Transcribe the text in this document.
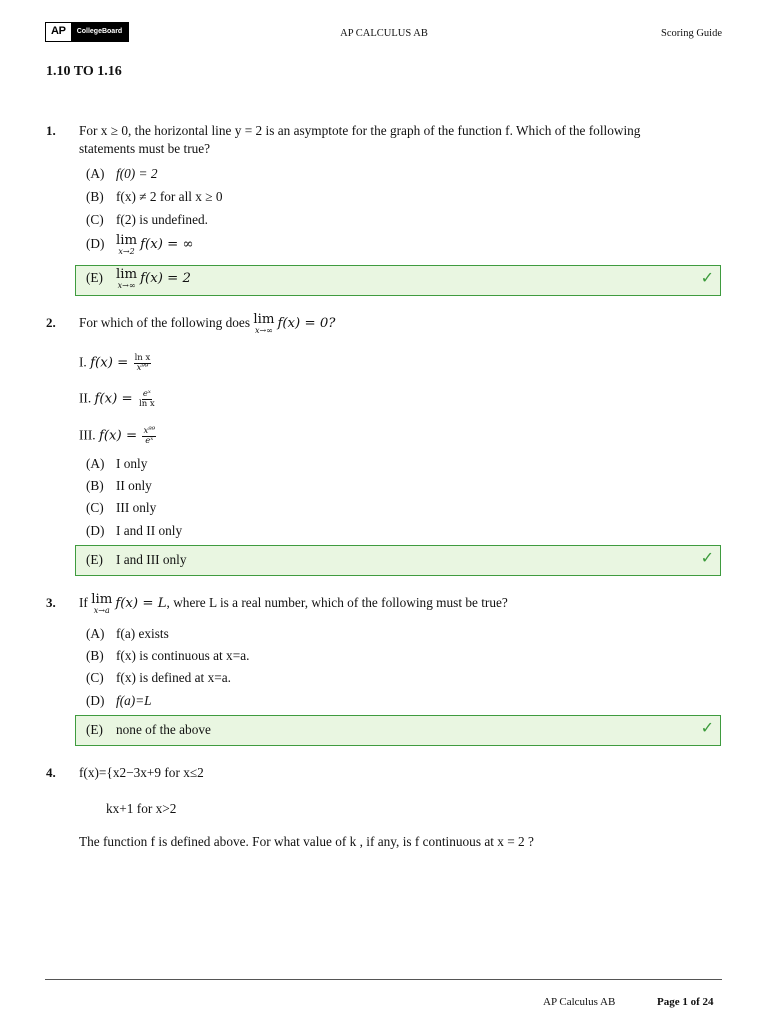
AP	CollegeBoard	AP CALCULUS AB	Scoring Guide
1.10 TO 1.16
1. For x ≥ 0, the horizontal line y = 2 is an asymptote for the graph of the function f. Which of the following
statements must be true?
(A) f(0) = 2
(B) f(x) ≠ 2 for all x ≥ 0
(C) f(2) is undefined.
(D) lim
x→2 f(x) = ∞
(E) lim
x→∞ f(x) = 2	✓
2. For which of the following does lim
x→∞ f(x) = 0?
I. $f(x) = \frac{\text{ln x}}{\text{x⁹⁹}}$
II. $f(x) = \frac{\text{eˣ}}{\text{ln x}}$
III. $f(x) = \frac{\text{x⁹⁹}}{\text{eˣ}}$
(A) I only
(B) II only
(C) III only
(D) I and II only
(E) I and III only	✓
3. If lim
x→a f(x) = L, where L is a real number, which of the following must be true?
(A) f(a) exists
(B) f(x) is continuous at x=a.
(C) f(x) is defined at x=a.
(D) f(a)=L
(E) none of the above	✓
4. f(x)={x2−3x+9 for x≤2
kx+1 for x>2
The function f is defined above. For what value of k , if any, is f continuous at x = 2 ?
AP Calculus AB	Page 1 of 24
